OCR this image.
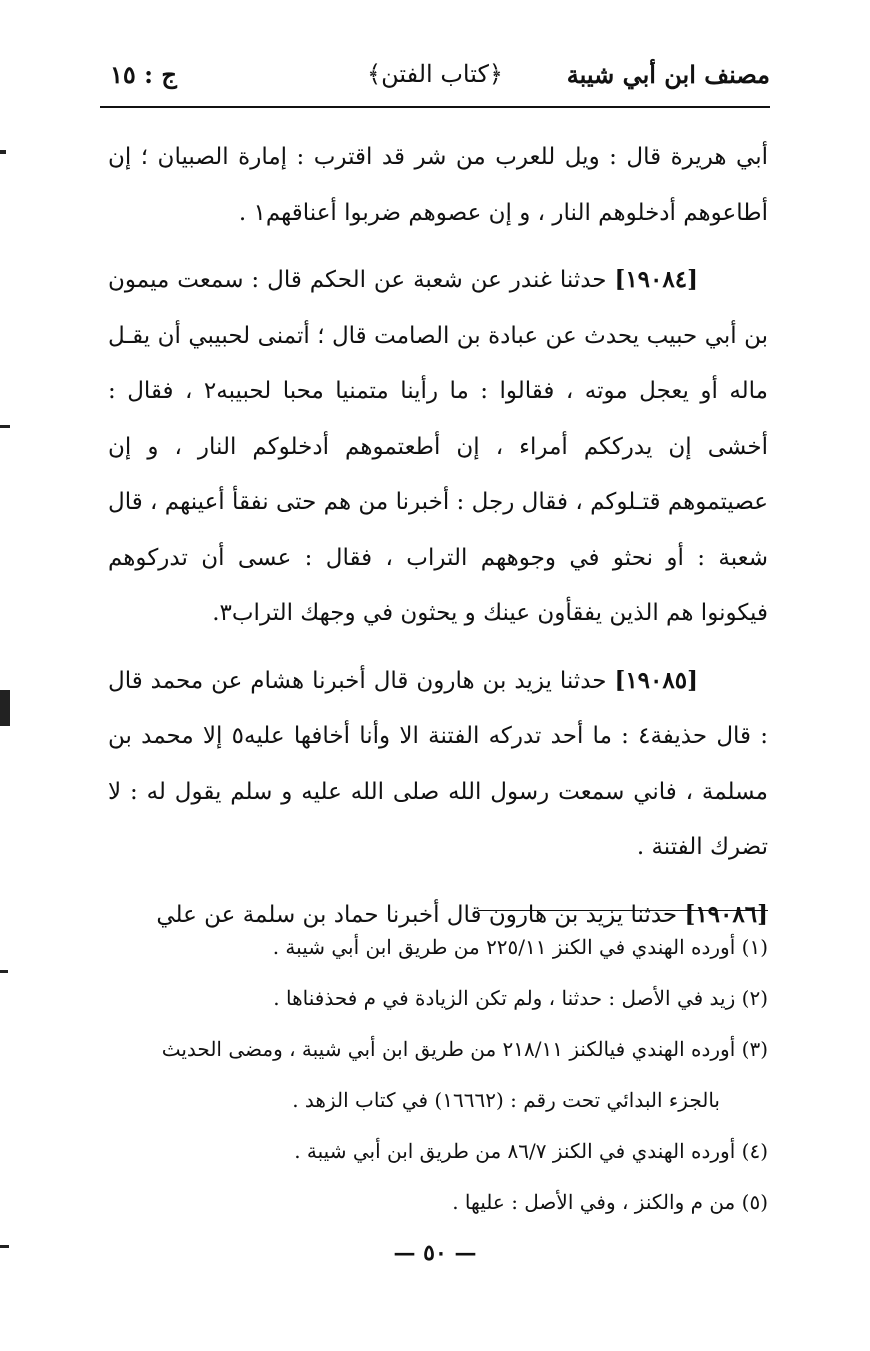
مصنف ابن أبي شيبة
﴿كتاب الفتن﴾
ج : ١٥

أبي هريرة قال : ويل للعرب من شر قد اقترب : إمارة الصبيان ؛ إن أطاعوهم أدخلوهم النار ، و إن عصوهم ضربوا أعناقهم١ .

[١٩٠٨٤] حدثنا غندر عن شعبة عن الحكم قال : سمعت ميمون بن أبي حبيب يحدث عن عبادة بن الصامت قال ؛ أتمنى لحبيبي أن يقـل ماله أو يعجل موته ، فقالوا : ما رأينا متمنيا محبا لحبيبه٢ ، فقال : أخشى إن يدرككم أمراء ، إن أطعتموهم أدخلوكم النار ، و إن عصيتموهم قتـلوكم ، فقال رجل : أخبرنا من هم حتى نفقأ أعينهم ، قال شعبة : أو نحثو في وجوههم التراب ، فقال : عسى أن تدركوهم فيكونوا هم الذين يفقأون عينك و يحثون في وجهك التراب٣.

[١٩٠٨٥] حدثنا يزيد بن هارون قال أخبرنا هشام عن محمد قال : قال حذيفة٤ : ما أحد تدركه الفتنة الا وأنا أخافها عليه٥ إلا محمد بن مسلمة ، فاني سمعت رسول الله صلى الله عليه و سلم يقول له : لا تضرك الفتنة .

[١٩٠٨٦] حدثنا يزيد بن هارون قال أخبرنا حماد بن سلمة عن علي

(١) أورده الهندي في الكنز ٢٢٥/١١ من طريق ابن أبي شيبة .

(٢) زيد في الأصل : حدثنا ، ولم تكن الزيادة في م فحذفناها .

(٣) أورده الهندي فيالكنز ٢١٨/١١ من طريق ابن أبي شيبة ، ومضى الحديث

بالجزء البدائي تحت رقم : (١٦٦٦٢) في كتاب الزهد .

(٤) أورده الهندي في الكنز ٨٦/٧ من طريق ابن أبي شيبة .

(٥) من م والكنز ، وفي الأصل : عليها .

— ٥٠ —
